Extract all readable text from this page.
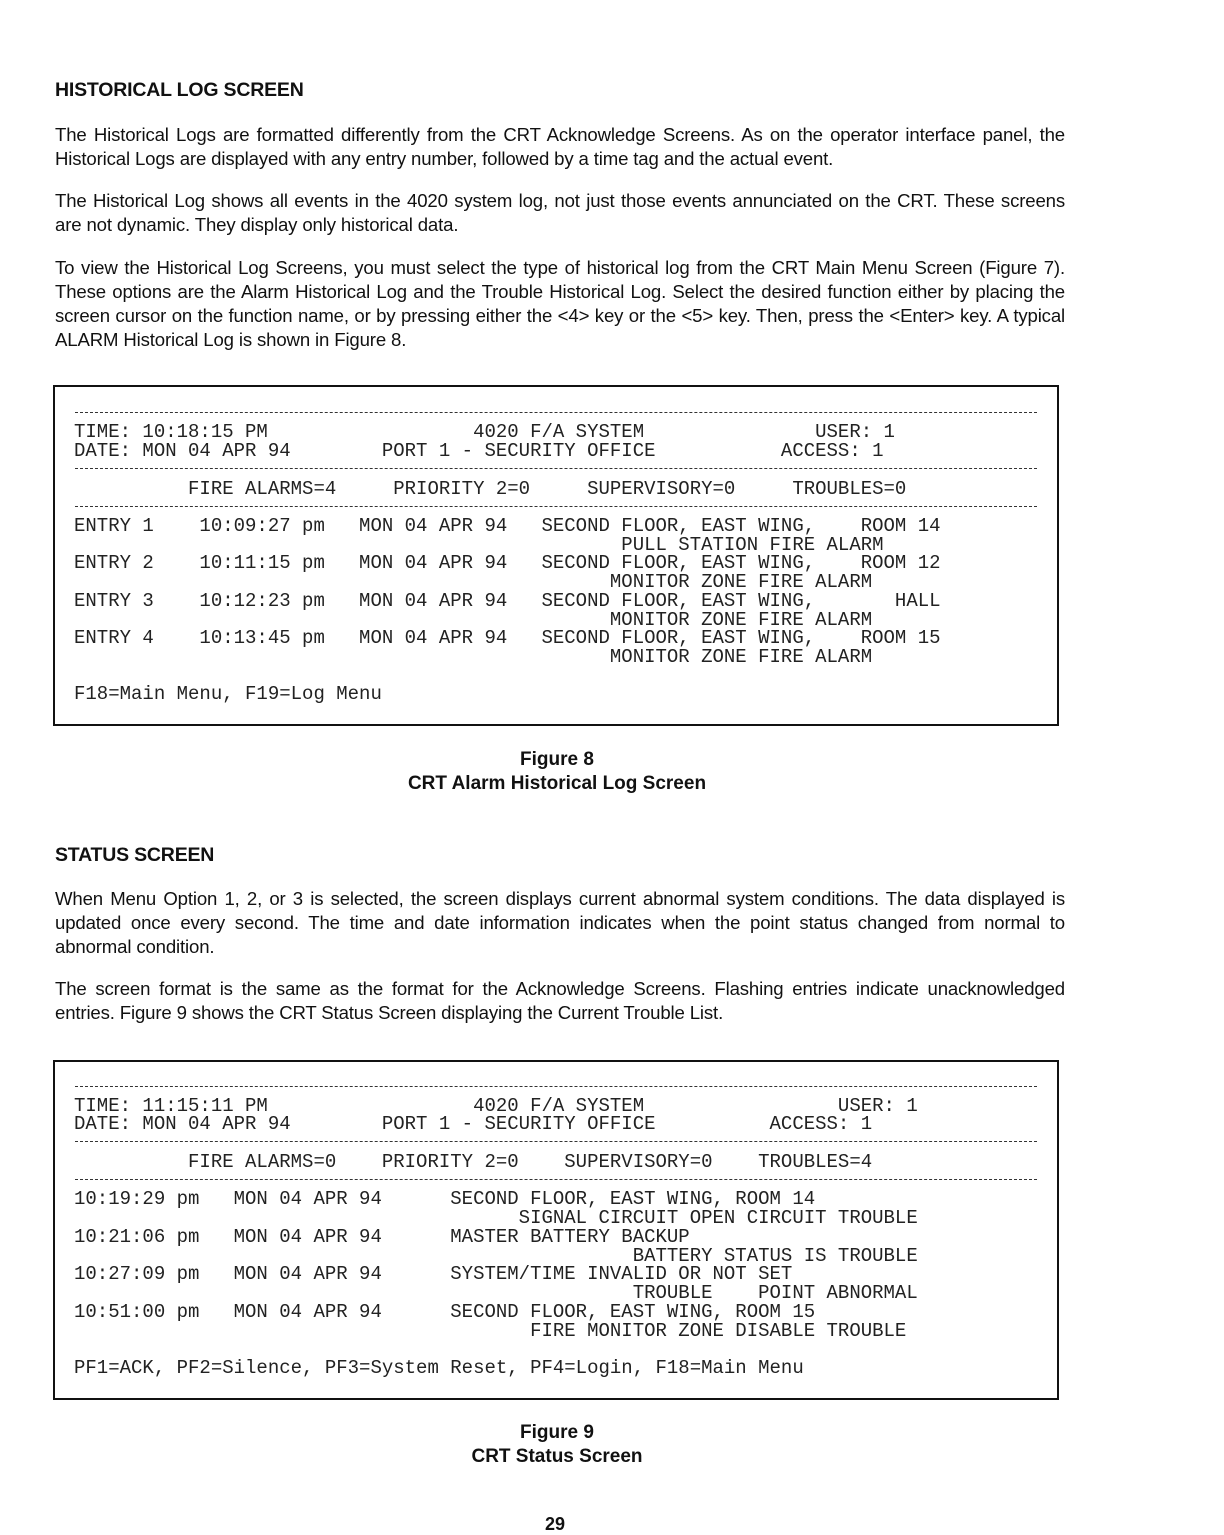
HISTORICAL LOG SCREEN

The Historical Logs are formatted differently from the CRT Acknowledge Screens. As on the operator interface panel, the Historical Logs are displayed with any entry number, followed by a time tag and the actual event.

The Historical Log shows all events in the 4020 system log, not just those events annunciated on the CRT. These screens are not dynamic. They display only historical data.

To view the Historical Log Screens, you must select the type of historical log from the CRT Main Menu Screen (Figure 7). These options are the Alarm Historical Log and the Trouble Historical Log. Select the desired function either by placing the screen cursor on the function name, or by pressing either the <4> key or the <5> key. Then, press the <Enter> key. A typical ALARM Historical Log is shown in Figure 8.

TIME: 10:18:15 PM                  4020 F/A SYSTEM               USER: 1
DATE: MON 04 APR 94        PORT 1 - SECURITY OFFICE           ACCESS: 1
FIRE ALARMS=4     PRIORITY 2=0     SUPERVISORY=0     TROUBLES=0
ENTRY 1    10:09:27 pm   MON 04 APR 94   SECOND FLOOR, EAST WING,    ROOM 14
PULL STATION FIRE ALARM
ENTRY 2    10:11:15 pm   MON 04 APR 94   SECOND FLOOR, EAST WING,    ROOM 12
MONITOR ZONE FIRE ALARM
ENTRY 3    10:12:23 pm   MON 04 APR 94   SECOND FLOOR, EAST WING,       HALL
MONITOR ZONE FIRE ALARM
ENTRY 4    10:13:45 pm   MON 04 APR 94   SECOND FLOOR, EAST WING,    ROOM 15
MONITOR ZONE FIRE ALARM
F18=Main Menu, F19=Log Menu
Figure 8
CRT Alarm Historical Log Screen
STATUS SCREEN

When Menu Option 1, 2, or 3 is selected, the screen displays current abnormal system conditions. The data displayed is updated once every second. The time and date information indicates when the point status changed from normal to abnormal condition.

The screen format is the same as the format for the Acknowledge Screens. Flashing entries indicate unacknowledged entries. Figure 9 shows the CRT Status Screen displaying the Current Trouble List.

TIME: 11:15:11 PM                  4020 F/A SYSTEM                 USER: 1
DATE: MON 04 APR 94        PORT 1 - SECURITY OFFICE          ACCESS: 1
FIRE ALARMS=0    PRIORITY 2=0    SUPERVISORY=0    TROUBLES=4
10:19:29 pm   MON 04 APR 94      SECOND FLOOR, EAST WING, ROOM 14
SIGNAL CIRCUIT OPEN CIRCUIT TROUBLE
10:21:06 pm   MON 04 APR 94      MASTER BATTERY BACKUP
BATTERY STATUS IS TROUBLE
10:27:09 pm   MON 04 APR 94      SYSTEM/TIME INVALID OR NOT SET
TROUBLE    POINT ABNORMAL
10:51:00 pm   MON 04 APR 94      SECOND FLOOR, EAST WING, ROOM 15
FIRE MONITOR ZONE DISABLE TROUBLE
PF1=ACK, PF2=Silence, PF3=System Reset, PF4=Login, F18=Main Menu
Figure 9
CRT Status Screen
29
